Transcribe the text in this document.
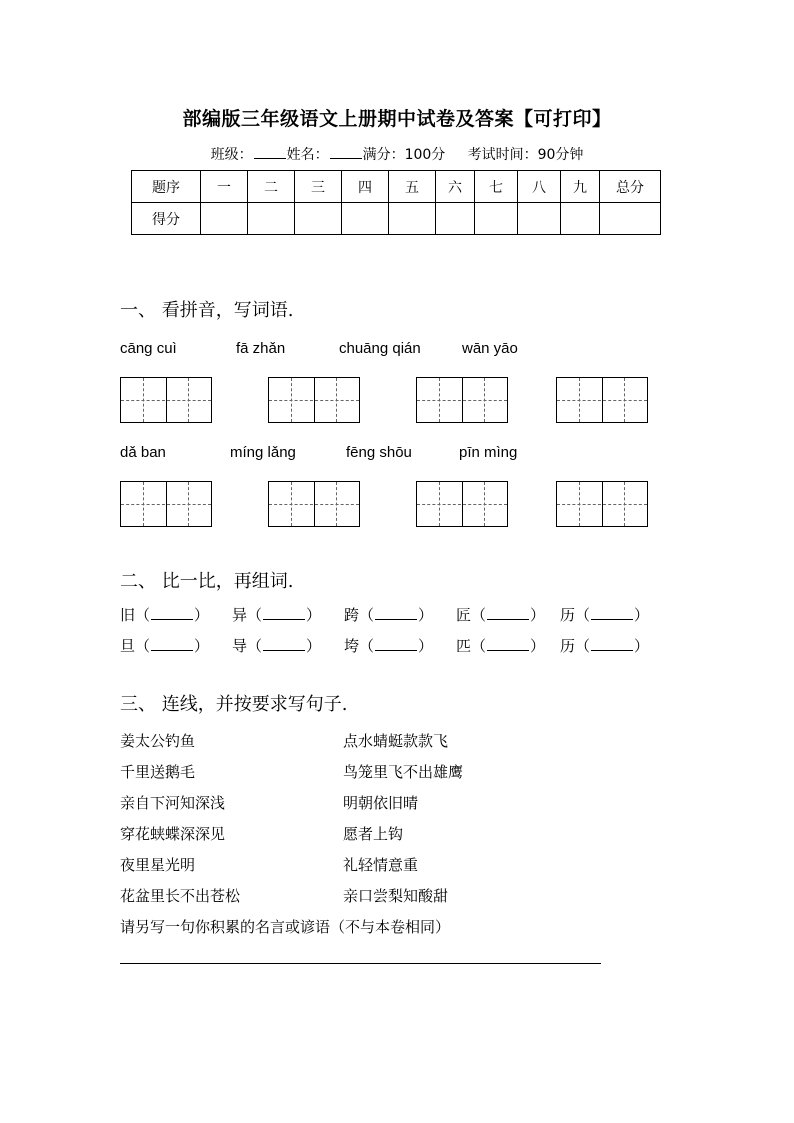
部编版三年级语文上册期中试卷及答案【可打印】
班级： 姓名： 满分：100分 考试时间：90分钟
题序	一	二	三	四	五	六	七	八	九	总分
得分										
一、 看拼音，写词语.
cāng cuì	fā zhǎn	chuāng qián	wān yāo
dǎ ban	míng lǎng	fēng shōu	pīn mìng
二、 比一比，再组词.
旧（	） 异（	） 跨（	） 匠（	） 历（	）
旦（	） 导（	） 垮（	） 匹（	） 历（	）
三、 连线，并按要求写句子.
姜太公钓鱼
千里送鹅毛
亲自下河知深浅
穿花蛱蝶深深见
夜里星光明
花盆里长不出苍松
点水蜻蜓款款飞
鸟笼里飞不出雄鹰
明朝依旧晴
愿者上钩
礼轻情意重
亲口尝梨知酸甜
请另写一句你积累的名言或谚语（不与本卷相同）
